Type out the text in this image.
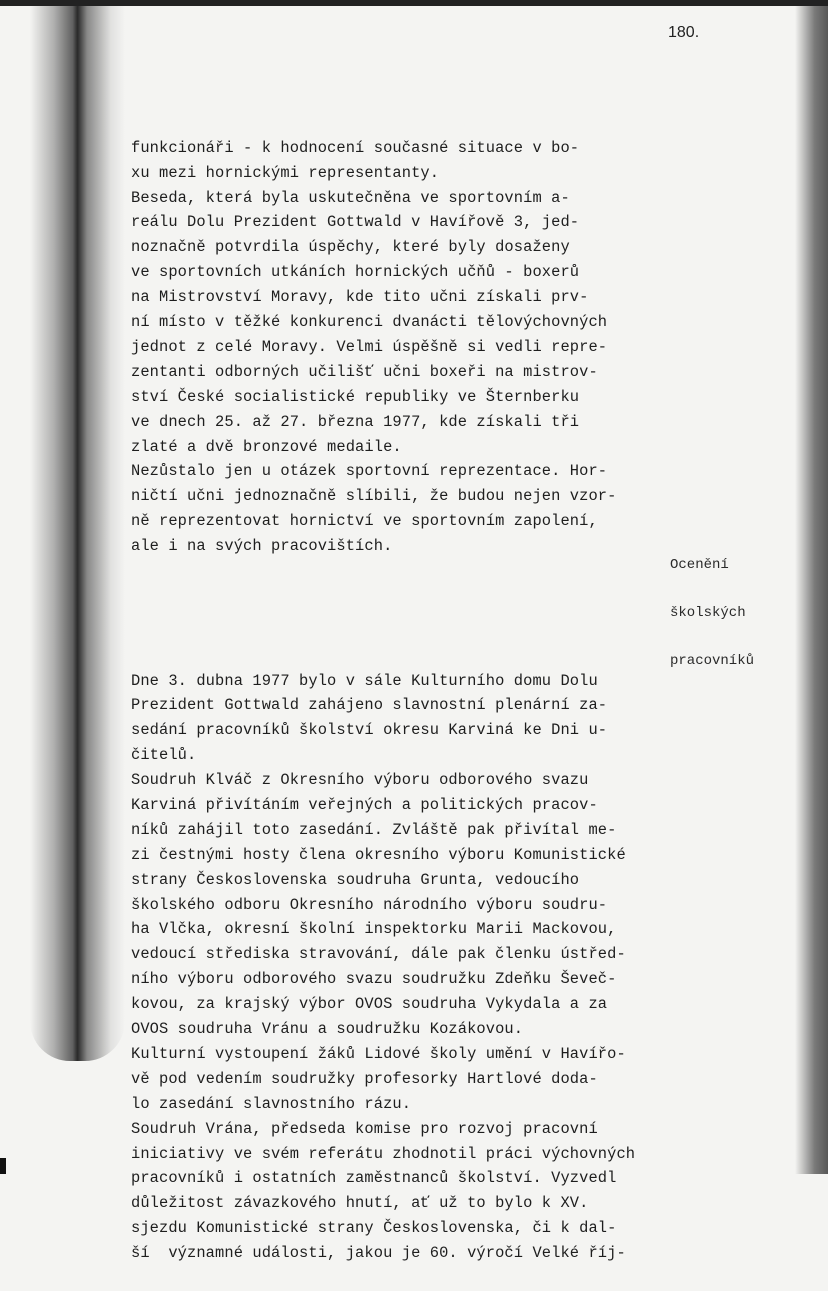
180.

funkcionáři - k hodnocení současné situace v bo-
xu mezi hornickými representanty.
Beseda, která byla uskutečněna ve sportovním a-
reálu Dolu Prezident Gottwald v Havířově 3, jed-
noznačně potvrdila úspěchy, které byly dosaženy
ve sportovních utkáních hornických učňů - boxerů
na Mistrovství Moravy, kde tito učni získali prv-
ní místo v těžké konkurenci dvanácti tělovýchovných
jednot z celé Moravy. Velmi úspěšně si vedli repre-
zentanti odborných učilišť učni boxeři na mistrov-
ství České socialistické republiky ve Šternberku
ve dnech 25. až 27. března 1977, kde získali tři
zlaté a dvě bronzové medaile.
Nezůstalo jen u otázek sportovní reprezentace. Hor-
ničtí učni jednoznačně slíbili, že budou nejen vzor-
ně reprezentovat hornictví ve sportovním zapolení,
ale i na svých pracovištích.

Dne 3. dubna 1977 bylo v sále Kulturního domu Dolu
Prezident Gottwald zahájeno slavnostní plenární za-
sedání pracovníků školství okresu Karviná ke Dni u-
čitelů.
Soudruh Klváč z Okresního výboru odborového svazu
Karviná přivítáním veřejných a politických pracov-
níků zahájil toto zasedání. Zvláště pak přivítal me-
zi čestnými hosty člena okresního výboru Komunistické
strany Československa soudruha Grunta, vedoucího
školského odboru Okresního národního výboru soudru-
ha Vlčka, okresní školní inspektorku Marii Mackovou,
vedoucí střediska stravování, dále pak členku ústřed-
ního výboru odborového svazu soudružku Zdeňku Ševeč-
kovou, za krajský výbor OVOS soudruha Vykydala a za
OVOS soudruha Vránu a soudružku Kozákovou.
Kulturní vystoupení žáků Lidové školy umění v Havířo-
vě pod vedením soudružky profesorky Hartlové doda-
lo zasedání slavnostního rázu.
Soudruh Vrána, předseda komise pro rozvoj pracovní
iniciativy ve svém referátu zhodnotil práci výchovných
pracovníků i ostatních zaměstnanců školství. Vyzvedl
důležitost závazkového hnutí, ať už to bylo k XV.
sjezdu Komunistické strany Československa, či k dal-
ší  významné události, jakou je 60. výročí Velké říj-

Ocenění

školských

pracovníků
